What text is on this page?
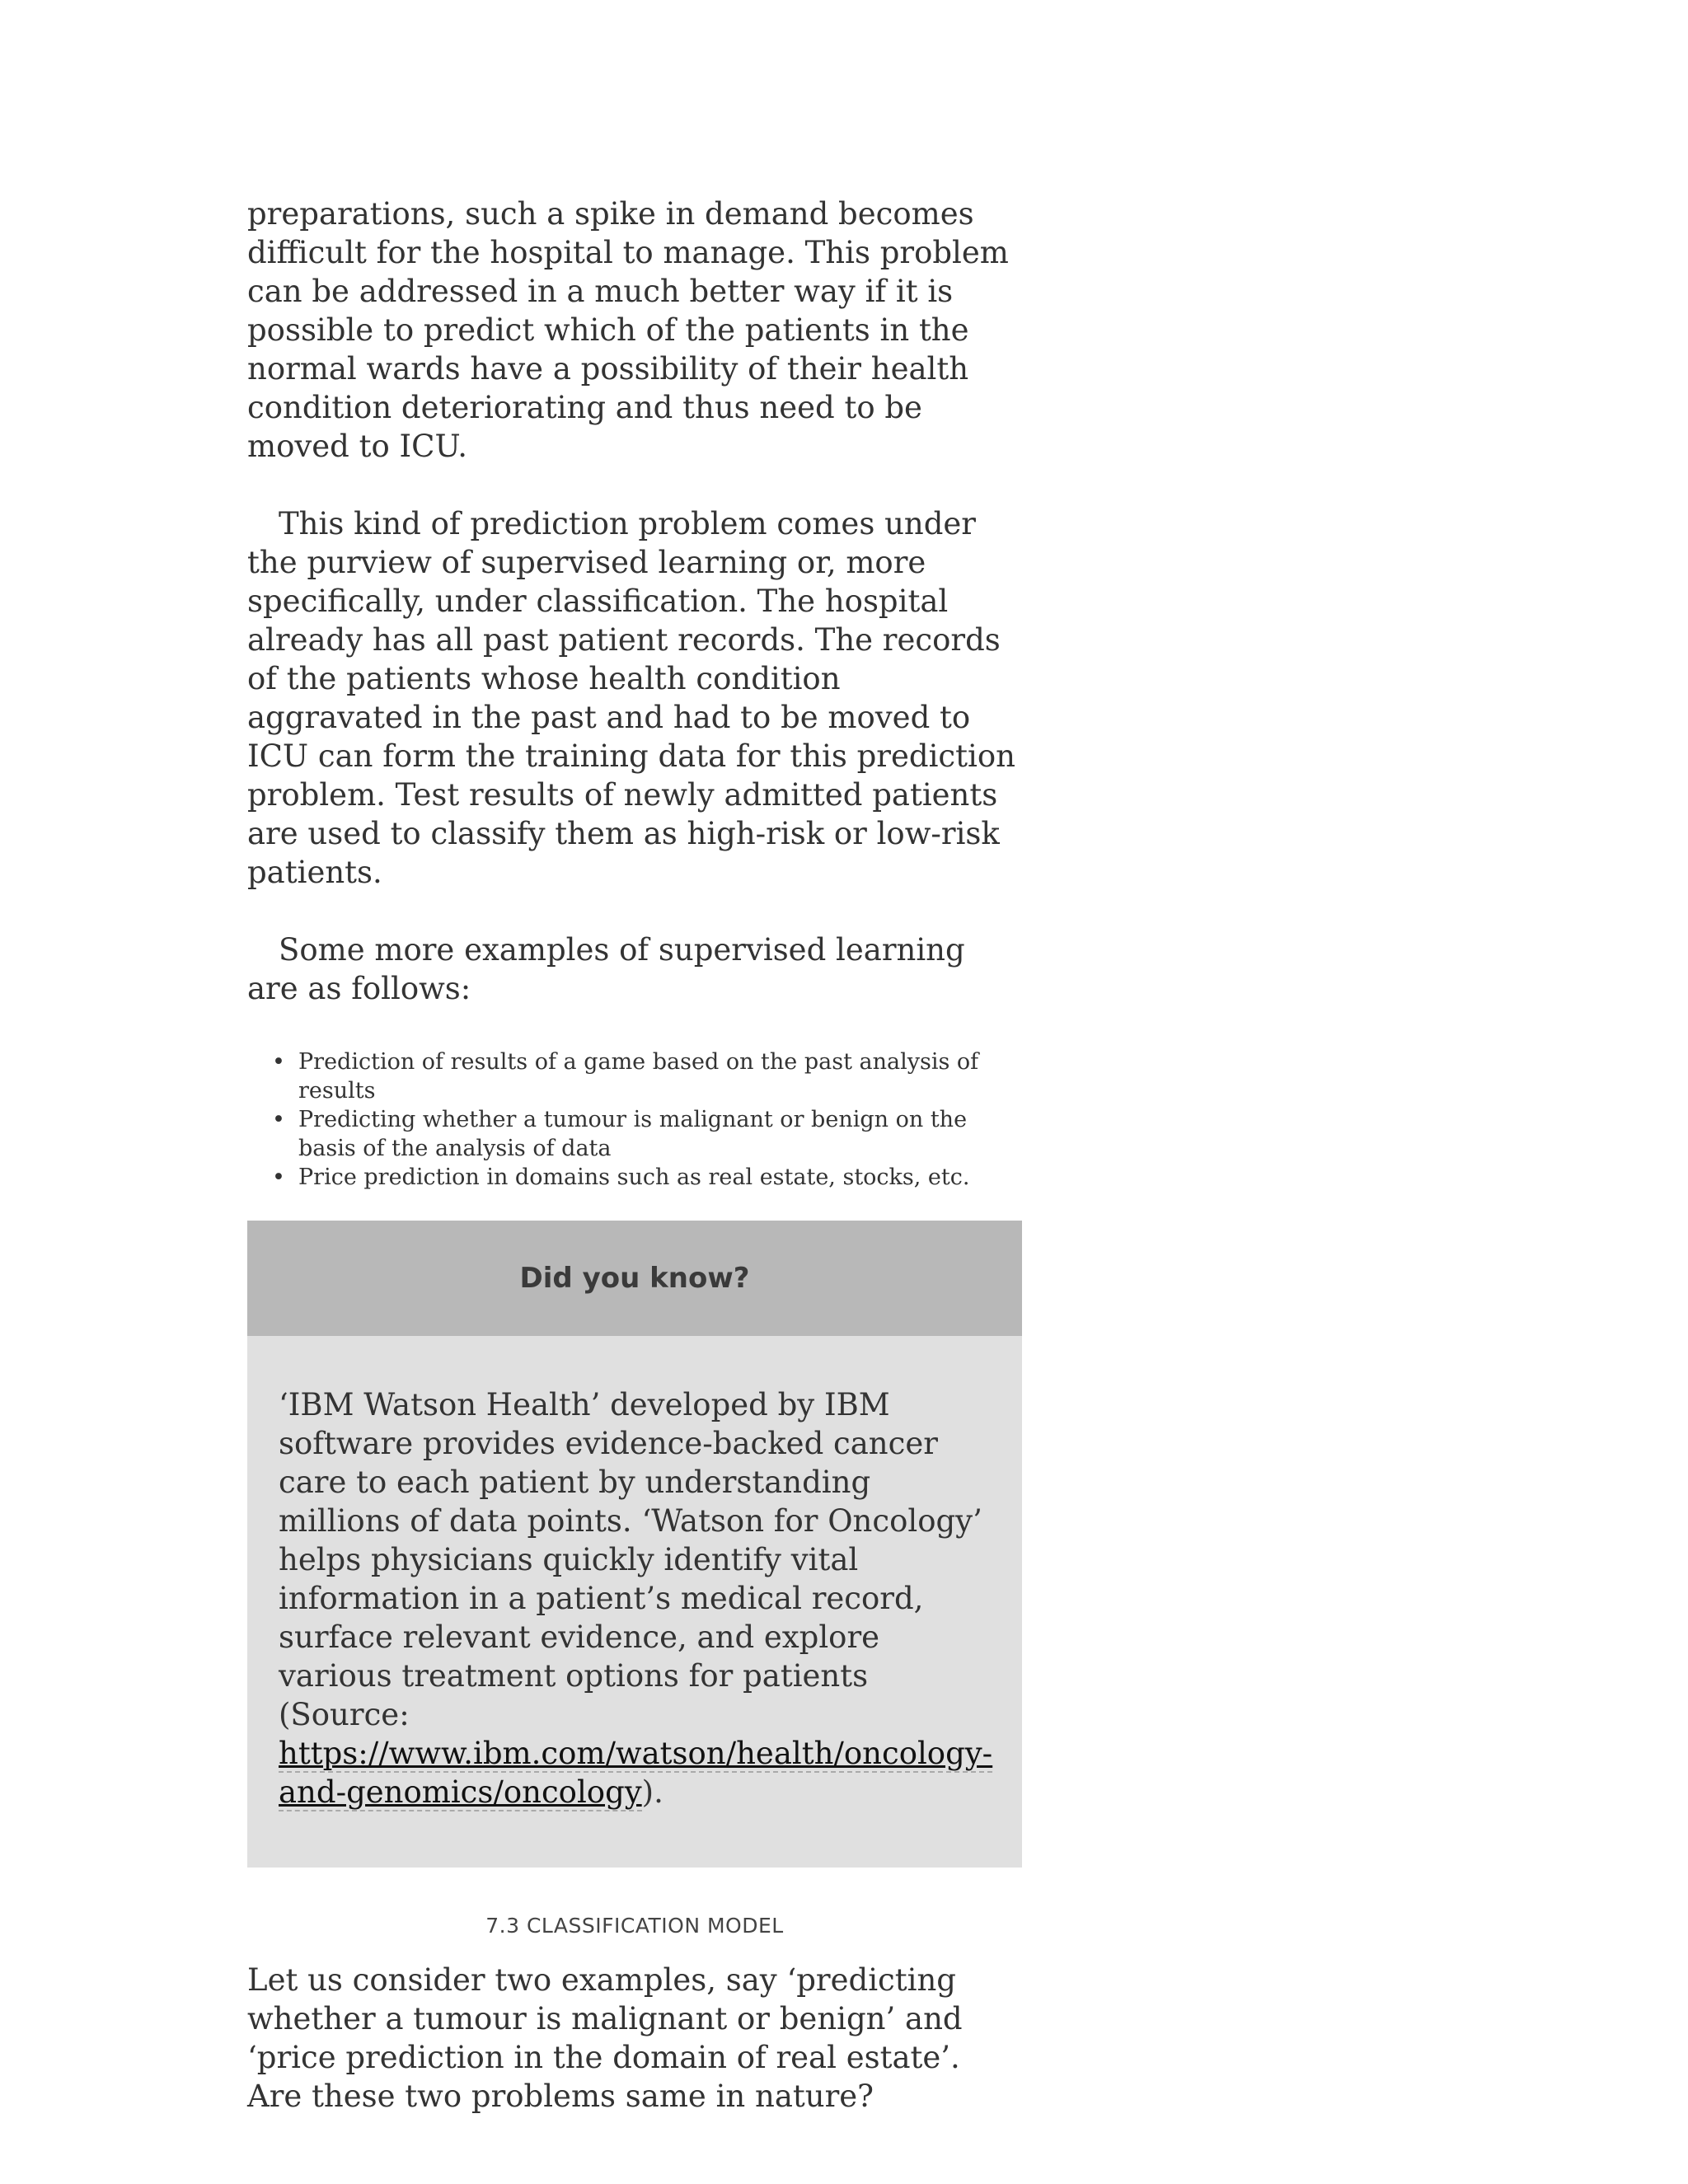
preparations, such a spike in demand becomes difficult for the hospital to manage. This problem can be addressed in a much better way if it is possible to predict which of the patients in the normal wards have a possibility of their health condition deteriorating and thus need to be moved to ICU.

This kind of prediction problem comes under the purview of supervised learning or, more specifically, under classification. The hospital already has all past patient records. The records of the patients whose health condition aggravated in the past and had to be moved to ICU can form the training data for this prediction problem. Test results of newly admitted patients are used to classify them as high-risk or low-risk patients.

Some more examples of supervised learning are as follows:

• Prediction of results of a game based on the past analysis of results
• Predicting whether a tumour is malignant or benign on the basis of the analysis of data
• Price prediction in domains such as real estate, stocks, etc.
Did you know?
‘IBM Watson Health’ developed by IBM software provides evidence-backed cancer care to each patient by understanding millions of data points. ‘Watson for Oncology’ helps physicians quickly identify vital information in a patient’s medical record, surface relevant evidence, and explore various treatment options for patients
(Source: https://www.ibm.com/watson/health/oncology-and-genomics/oncology).
7.3 CLASSIFICATION MODEL

Let us consider two examples, say ‘predicting whether a tumour is malignant or benign’ and ‘price prediction in the domain of real estate’. Are these two problems same in nature?
